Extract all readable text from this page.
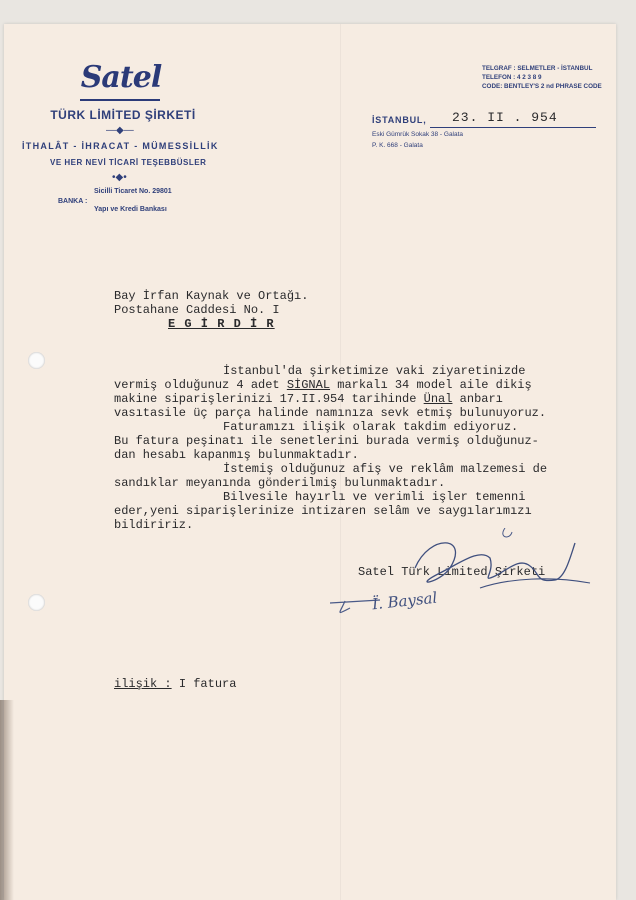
Satel
TÜRK LİMİTED ŞİRKETİ
—◆—
İTHALÂT - İHRACAT - MÜMESSİLLİK
VE HER NEVİ TİCARİ TEŞEBBÜSLER
•◆•
Sicilli Ticaret No. 29801
BANKA :
Yapı ve Kredi Bankası
TELGRAF : SELMETLER - İSTANBUL
TELEFON : 4 2 3 8 9
CODE: BENTLEY'S 2 nd PHRASE CODE
İSTANBUL, 23. II . 954
Eski Gümrük Sokak 38 - Galata
P. K. 668 - Galata
Bay İrfan Kaynak ve Ortağı.
Postahane Caddesi No. I
E G İ R D İ R
İstanbul'da şirketimize vaki ziyaretinizde
vermiş olduğunuz 4 adet SİGNAL markalı 34 model aile dikiş
makine siparişlerinizi 17.II.954 tarihinde Ünal anbarı
vasıtasile üç parça halinde namınıza sevk etmiş bulunuyoruz.
Faturamızı ilişik olarak takdim ediyoruz.
Bu fatura peşinatı ile senetlerini burada vermiş olduğunuz-
dan hesabı kapanmış bulunmaktadır.
İstemiş olduğunuz afiş ve reklâm malzemesi de
sandıklar meyanında gönderilmiş bulunmaktadır.
Bilvesile hayırlı ve verimli işler temenni
eder,yeni siparişlerinize intizaren selâm ve saygılarımızı
bildiririz.
Satel Türk Limited Şirketi
Ï. Baysal
ilişik : I fatura
